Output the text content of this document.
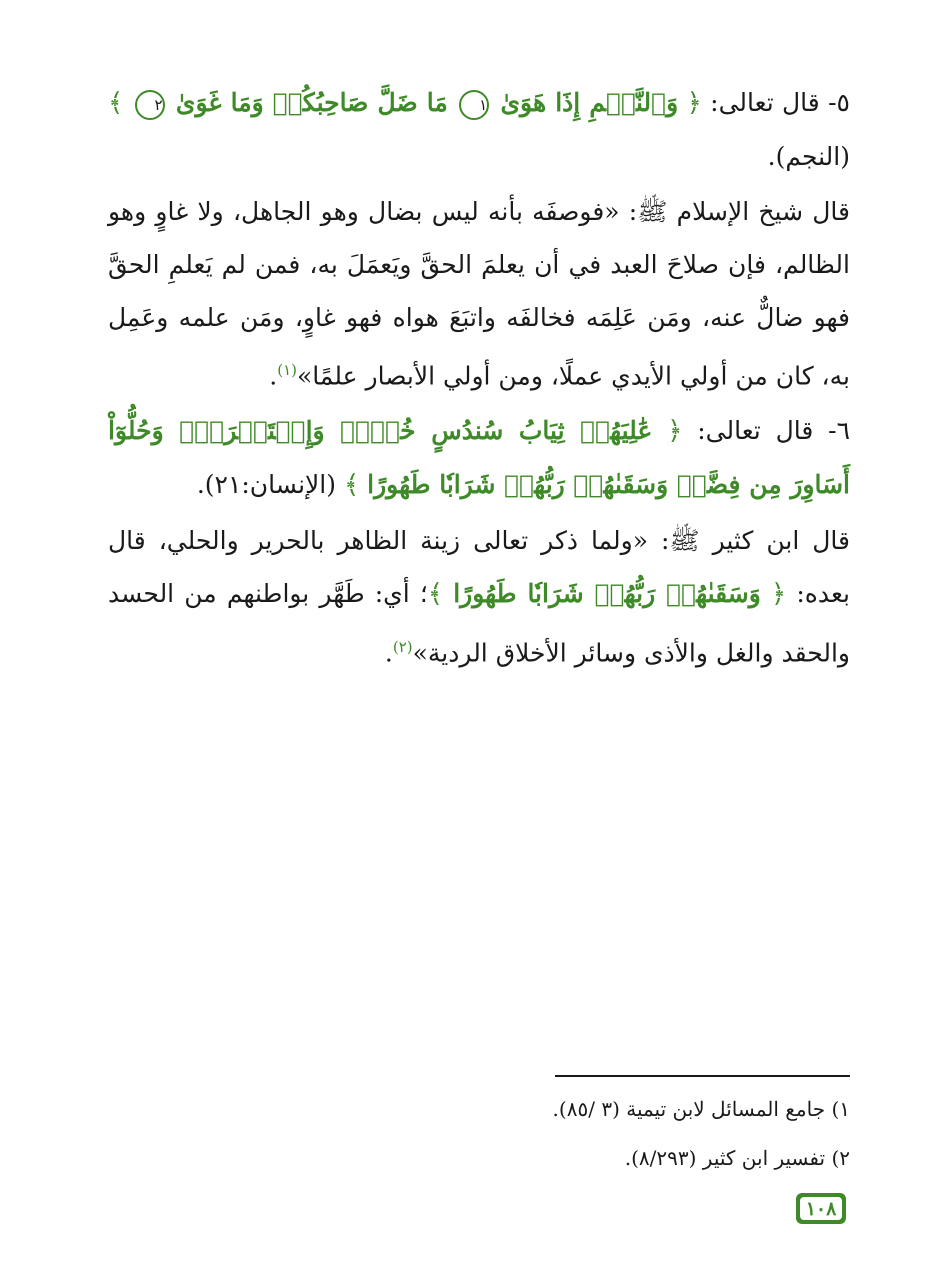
٥- قال تعالى: ﴿ وَٱلنَّجۡمِ إِذَا هَوَىٰ ١ مَا ضَلَّ صَاحِبُكُمۡ وَمَا غَوَىٰ ٢ ﴾ (النجم).

قال شيخ الإسلام ﷺ: «فوصفَه بأنه ليس بضال وهو الجاهل، ولا غاوٍ وهو الظالم، فإن صلاحَ العبد في أن يعلمَ الحقَّ ويَعمَلَ به، فمن لم يَعلمِ الحقَّ فهو ضالٌّ عنه، ومَن عَلِمَه فخالفَه واتبَعَ هواه فهو غاوٍ، ومَن علمه وعَمِل به، كان من أولي الأيدي عملًا، ومن أولي الأبصار علمًا»$^{(١)}$.

٦- قال تعالى: ﴿ عَٰلِيَهُمۡ ثِيَابُ سُندُسٍ خُضۡرٞ وَإِسۡتَبۡرَقٞۖ وَحُلُّوٓاْ أَسَاوِرَ مِن فِضَّةٖ وَسَقَىٰهُمۡ رَبُّهُمۡ شَرَابٗا طَهُورًا ﴾ (الإنسان:٢١).

قال ابن كثير ﷺ: «ولما ذكر تعالى زينة الظاهر بالحرير والحلي، قال بعده: ﴿ وَسَقَىٰهُمۡ رَبُّهُمۡ شَرَابٗا طَهُورًا ﴾؛ أي: طَهَّر بواطنهم من الحسد والحقد والغل والأذى وسائر الأخلاق الردية»$^{(٢)}$.

١) جامع المسائل لابن تيمية (٣ /٨٥).
٢) تفسير ابن كثير (٨/٢٩٣).
١٠٨
